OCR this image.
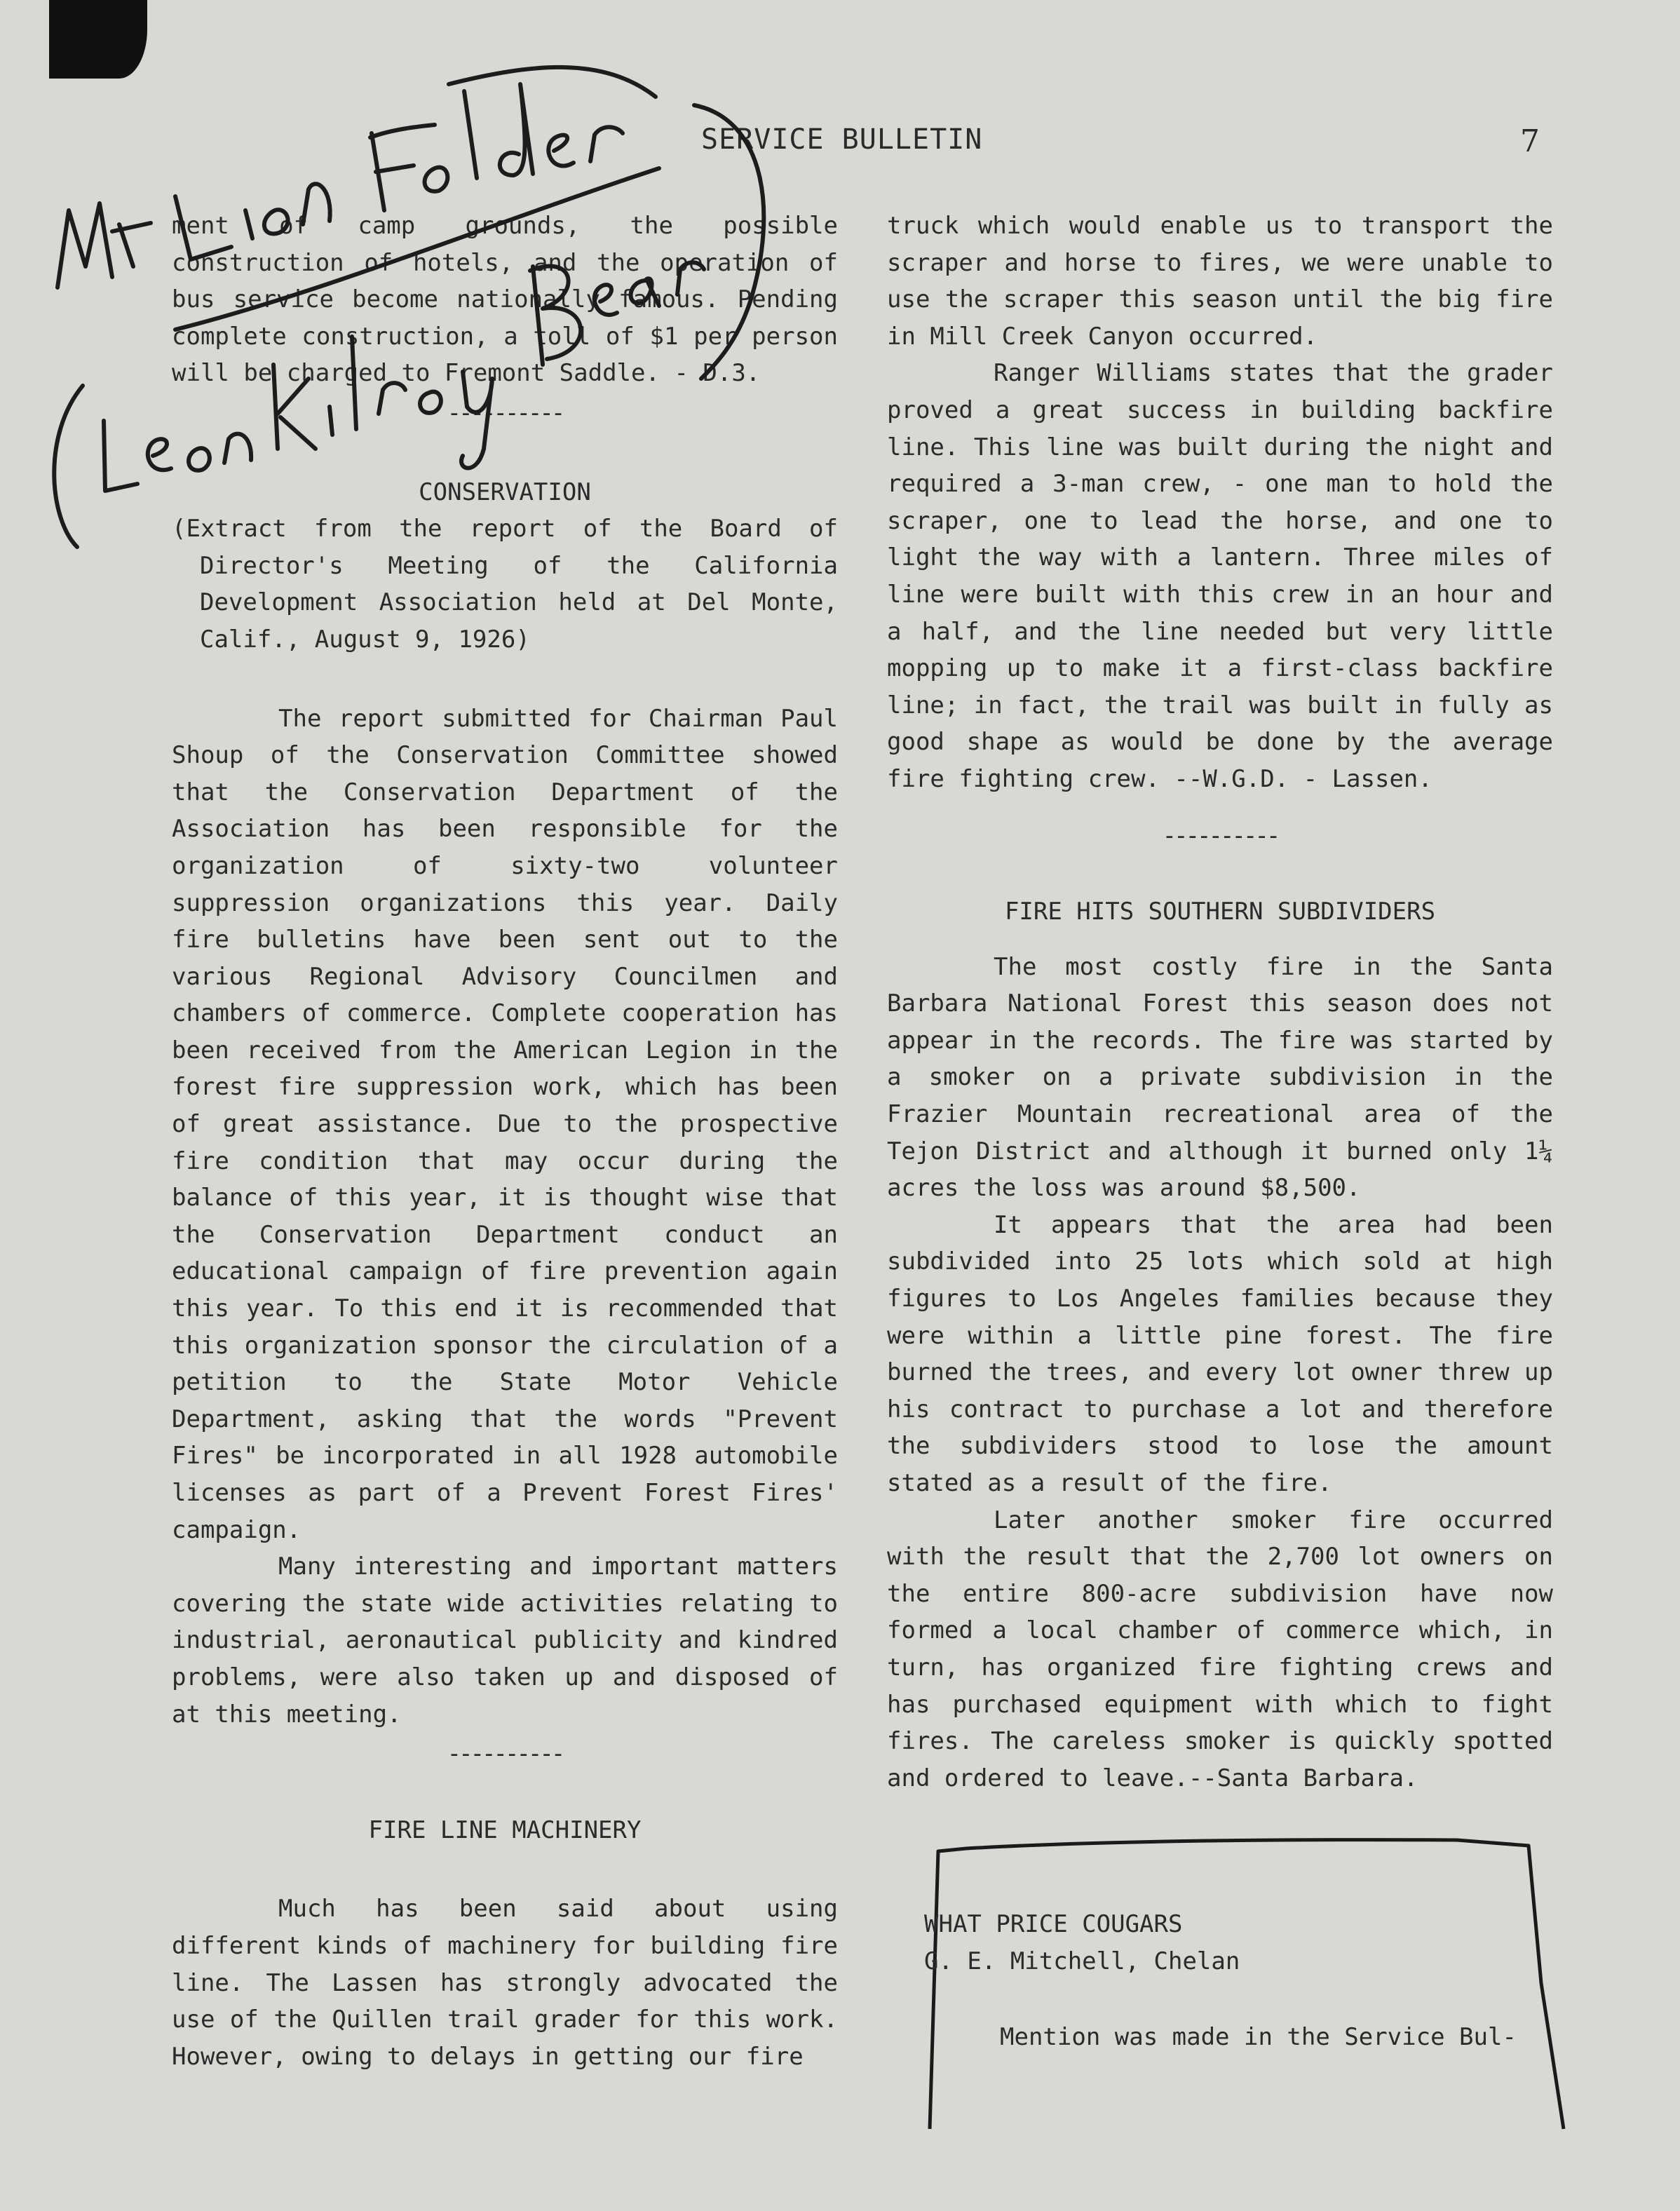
SERVICE BULLETIN	7

ment of camp grounds, the possible construction of hotels, and the operation of bus service become nationally famous. Pending complete construction, a toll of $1 per person will be charged to Fremont Saddle. - D.3.

----------

CONSERVATION

(Extract from the report of the Board of Director's Meeting of the California Development Association held at Del Monte, Calif., August 9, 1926)

The report submitted for Chairman Paul Shoup of the Conservation Committee showed that the Conservation Department of the Association has been responsible for the organization of sixty-two volunteer suppression organizations this year. Daily fire bulletins have been sent out to the various Regional Advisory Councilmen and chambers of commerce. Complete cooperation has been received from the American Legion in the forest fire suppression work, which has been of great assistance. Due to the prospective fire condition that may occur during the balance of this year, it is thought wise that the Conservation Department conduct an educational campaign of fire prevention again this year. To this end it is recommended that this organization sponsor the circulation of a petition to the State Motor Vehicle Department, asking that the words "Prevent Fires" be incorporated in all 1928 automobile licenses as part of a Prevent Forest Fires' campaign.

Many interesting and important matters covering the state wide activities relating to industrial, aeronautical publicity and kindred problems, were also taken up and disposed of at this meeting.

----------

FIRE LINE MACHINERY

Much has been said about using different kinds of machinery for building fire line. The Lassen has strongly advocated the use of the Quillen trail grader for this work. However, owing to delays in getting our fire

truck which would enable us to transport the scraper and horse to fires, we were unable to use the scraper this season until the big fire in Mill Creek Canyon occurred.

Ranger Williams states that the grader proved a great success in building backfire line. This line was built during the night and required a 3-man crew, - one man to hold the scraper, one to lead the horse, and one to light the way with a lantern. Three miles of line were built with this crew in an hour and a half, and the line needed but very little mopping up to make it a first-class backfire line; in fact, the trail was built in fully as good shape as would be done by the average fire fighting crew. --W.G.D. - Lassen.

----------

FIRE HITS SOUTHERN SUBDIVIDERS

The most costly fire in the Santa Barbara National Forest this season does not appear in the records. The fire was started by a smoker on a private subdivision in the Frazier Mountain recreational area of the Tejon District and although it burned only 1¼ acres the loss was around $8,500.

It appears that the area had been subdivided into 25 lots which sold at high figures to Los Angeles families because they were within a little pine forest. The fire burned the trees, and every lot owner threw up his contract to purchase a lot and therefore the subdividers stood to lose the amount stated as a result of the fire.

Later another smoker fire occurred with the result that the 2,700 lot owners on the entire 800-acre subdivision have now formed a local chamber of commerce which, in turn, has organized fire fighting crews and has purchased equipment with which to fight fires. The careless smoker is quickly spotted and ordered to leave.--Santa Barbara.

WHAT PRICE COUGARS

G. E. Mitchell, Chelan

Mention was made in the Service Bul-
